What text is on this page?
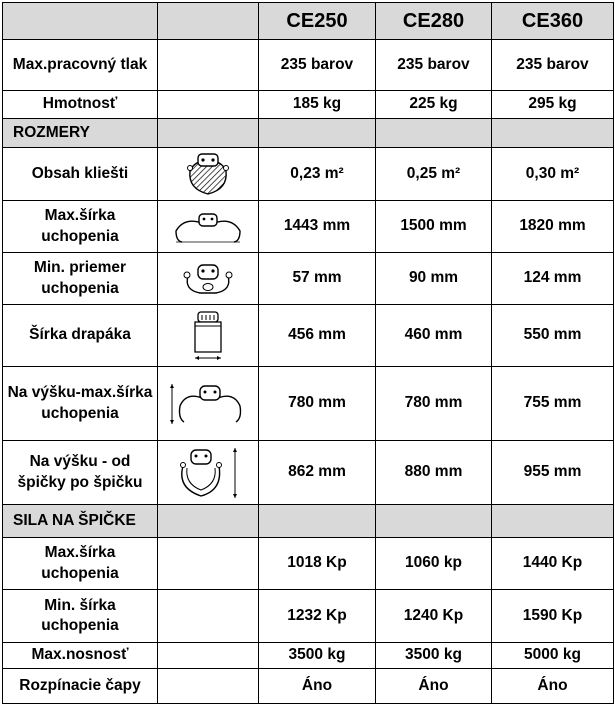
		CE250	CE280	CE360
Max.pracovný tlak		235 barov	235 barov	235 barov
Hmotnosť		185 kg	225 kg	295 kg
ROZMERY				
Obsah kliešti		0,23 m²	0,25 m²	0,30 m²
Max.šírka uchopenia		1443 mm	1500 mm	1820 mm
Min. priemer uchopenia		57 mm	90 mm	124 mm
Šírka drapáka		456 mm	460 mm	550 mm
Na výšku-max.šírka uchopenia		780 mm	780 mm	755 mm
Na výšku - od špičky po špičku		862 mm	880 mm	955 mm
SILA NA ŠPIČKE				
Max.šírka uchopenia		1018 Kp	1060 kp	1440 Kp
Min. šírka uchopenia		1232 Kp	1240 Kp	1590 Kp
Max.nosnosť		3500 kg	3500 kg	5000 kg
Rozpínacie čapy		Áno	Áno	Áno
